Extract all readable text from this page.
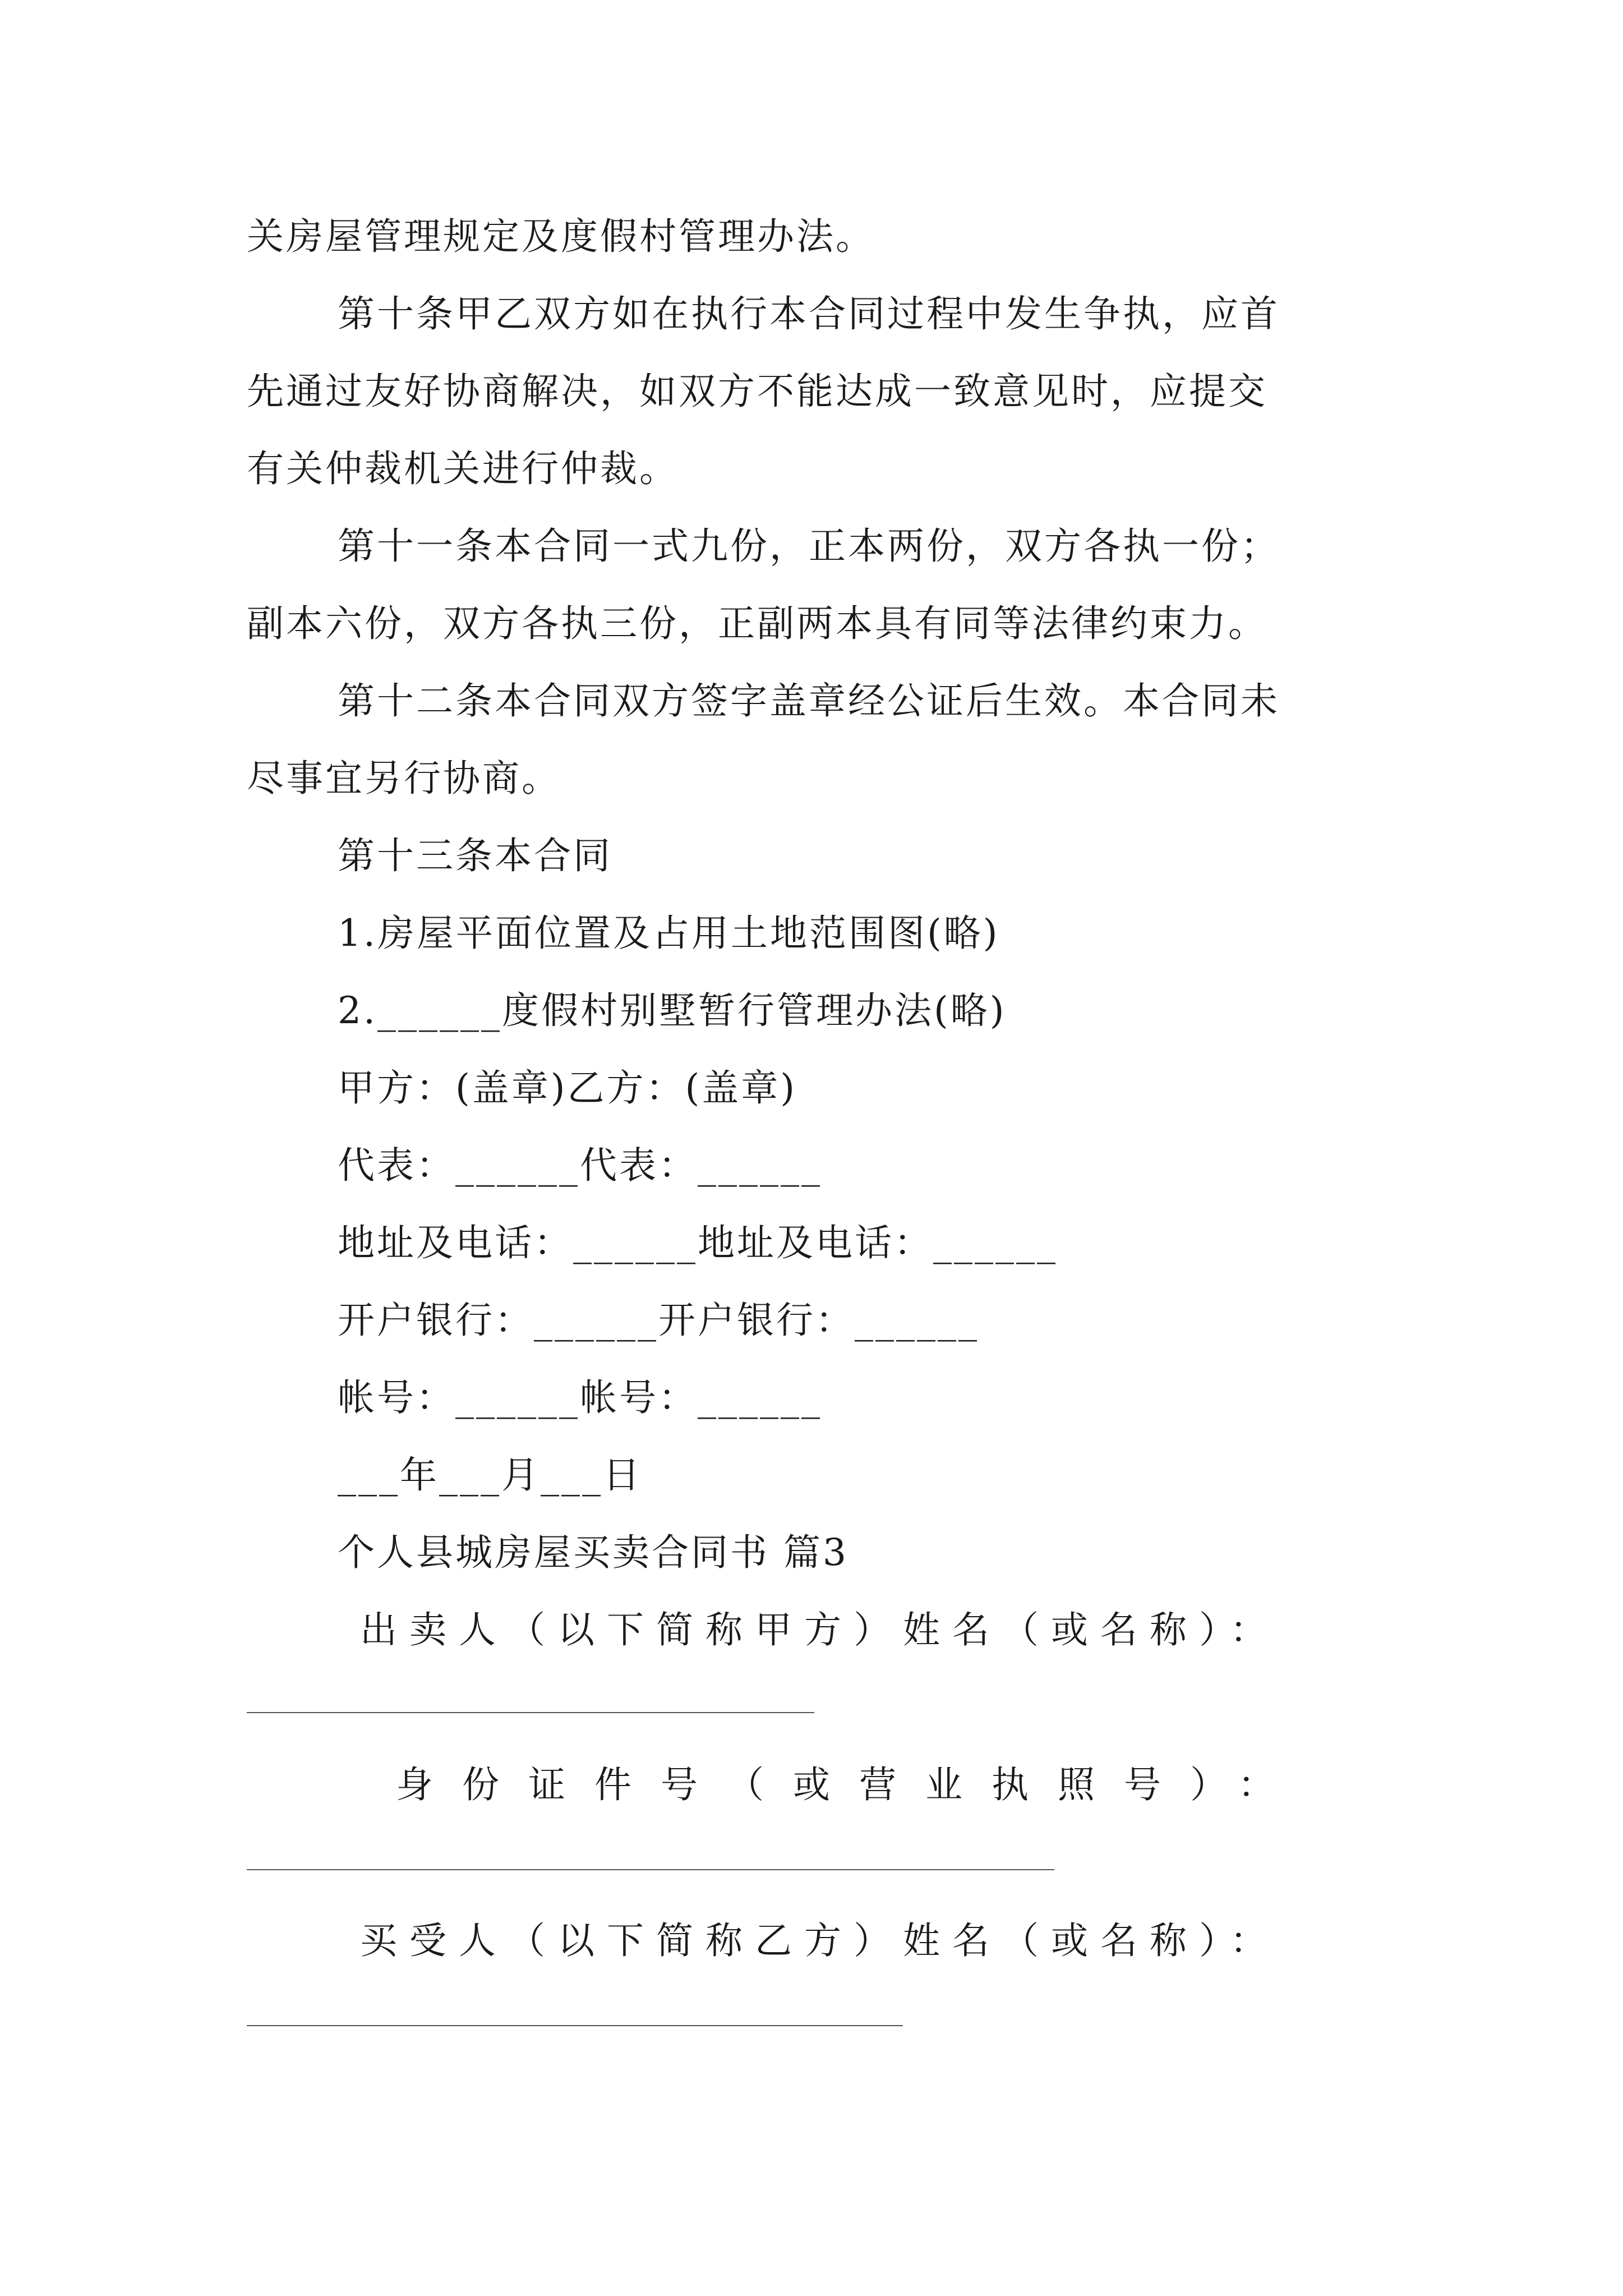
关房屋管理规定及度假村管理办法。
第十条甲乙双方如在执行本合同过程中发生争执，应首
先通过友好协商解决，如双方不能达成一致意见时，应提交
有关仲裁机关进行仲裁。
第十一条本合同一式九份，正本两份，双方各执一份；
副本六份，双方各执三份，正副两本具有同等法律约束力。
第十二条本合同双方签字盖章经公证后生效。本合同未
尽事宜另行协商。
第十三条本合同
1.房屋平面位置及占用土地范围图(略)
2.______度假村别墅暂行管理办法(略)
甲方：(盖章)乙方：(盖章)
代表：______代表：______
地址及电话：______地址及电话：______
开户银行：______开户银行：______
帐号：______帐号：______
___年___月___日
个人县城房屋买卖合同书 篇3
出卖人（以下简称甲方）姓名（或名称）：
身份证件号（或营业执照号）：
买受人（以下简称乙方）姓名（或名称）：
